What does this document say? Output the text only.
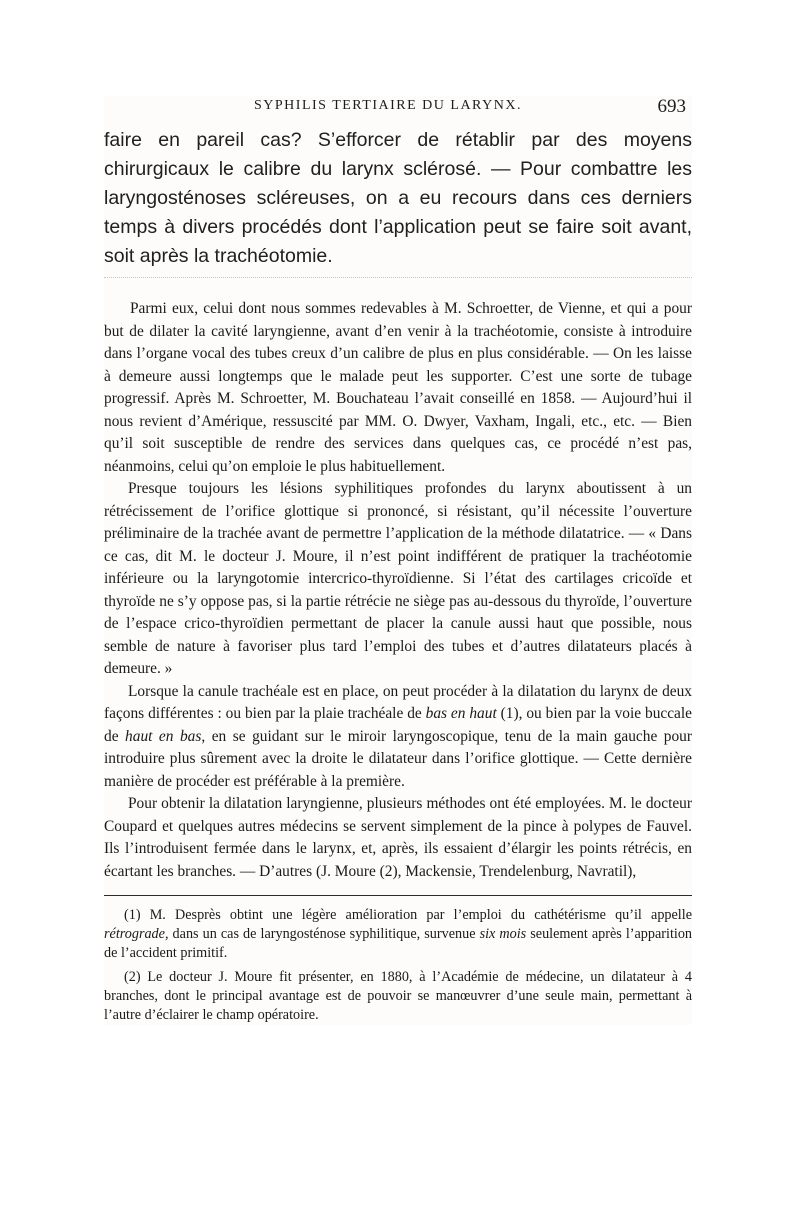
SYPHILIS TERTIAIRE DU LARYNX.	693

faire en pareil cas? S’efforcer de rétablir par des moyens chirurgicaux le calibre du larynx sclérosé. — Pour combattre les laryngosténoses scléreuses, on a eu recours dans ces derniers temps à divers procédés dont l’application peut se faire soit avant, soit après la trachéotomie.

Parmi eux, celui dont nous sommes redevables à M. Schroetter, de Vienne, et qui a pour but de dilater la cavité laryngienne, avant d’en venir à la trachéotomie, consiste à introduire dans l’organe vocal des tubes creux d’un calibre de plus en plus considérable. — On les laisse à demeure aussi longtemps que le malade peut les supporter. C’est une sorte de tubage progressif. Après M. Schroetter, M. Bouchateau l’avait conseillé en 1858. — Aujourd’hui il nous revient d’Amérique, ressuscité par MM. O. Dwyer, Vaxham, Ingali, etc., etc. — Bien qu’il soit susceptible de rendre des services dans quelques cas, ce procédé n’est pas, néanmoins, celui qu’on emploie le plus habituellement.

Presque toujours les lésions syphilitiques profondes du larynx aboutissent à un rétrécissement de l’orifice glottique si prononcé, si résistant, qu’il nécessite l’ouverture préliminaire de la trachée avant de permettre l’application de la méthode dilatatrice. — « Dans ce cas, dit M. le docteur J. Moure, il n’est point indifférent de pratiquer la trachéotomie inférieure ou la laryngotomie intercrico-thyroïdienne. Si l’état des cartilages cricoïde et thyroïde ne s’y oppose pas, si la partie rétrécie ne siège pas au-dessous du thyroïde, l’ouverture de l’espace crico-thyroïdien permettant de placer la canule aussi haut que possible, nous semble de nature à favoriser plus tard l’emploi des tubes et d’autres dilatateurs placés à demeure. »

Lorsque la canule trachéale est en place, on peut procéder à la dilatation du larynx de deux façons différentes : ou bien par la plaie trachéale de bas en haut (1), ou bien par la voie buccale de haut en bas, en se guidant sur le miroir laryngoscopique, tenu de la main gauche pour introduire plus sûrement avec la droite le dilatateur dans l’orifice glottique. — Cette dernière manière de procéder est préférable à la première.

Pour obtenir la dilatation laryngienne, plusieurs méthodes ont été employées. M. le docteur Coupard et quelques autres médecins se servent simplement de la pince à polypes de Fauvel. Ils l’introduisent fermée dans le larynx, et, après, ils essaient d’élargir les points rétrécis, en écartant les branches. — D’autres (J. Moure (2), Mackensie, Trendelenburg, Navratil),

(1) M. Desprès obtint une légère amélioration par l’emploi du cathétérisme qu’il appelle rétrograde, dans un cas de laryngosténose syphilitique, survenue six mois seulement après l’apparition de l’accident primitif.

(2) Le docteur J. Moure fit présenter, en 1880, à l’Académie de médecine, un dilatateur à 4 branches, dont le principal avantage est de pouvoir se manœuvrer d’une seule main, permettant à l’autre d’éclairer le champ opératoire.
